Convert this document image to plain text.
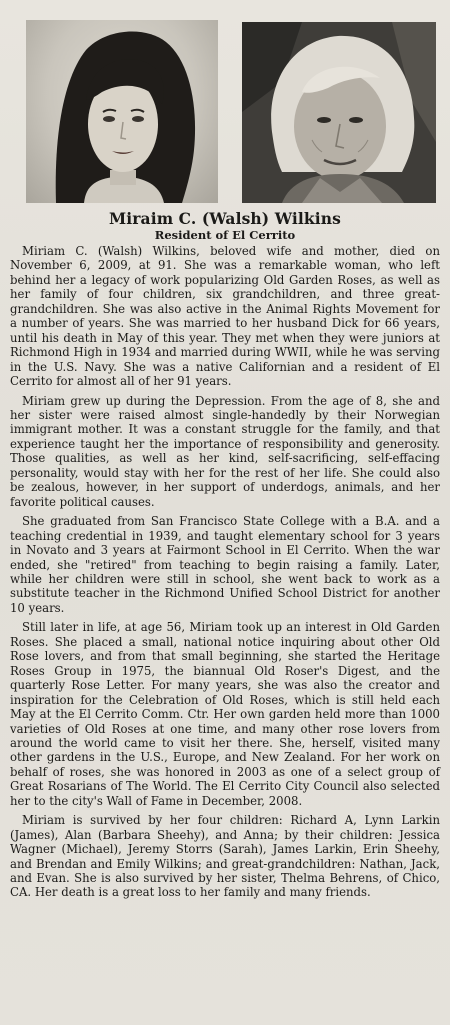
Miraim C. (Walsh) Wilkins
Resident of El Cerrito

Miriam C. (Walsh) Wilkins, beloved wife and mother, died on November 6, 2009, at 91. She was a remarkable woman, who left behind her a legacy of work popularizing Old Garden Roses, as well as her family of four children, six grandchildren, and three great-grandchildren. She was also active in the Animal Rights Movement for a number of years. She was married to her husband Dick for 66 years, until his death in May of this year. They met when they were juniors at Richmond High in 1934 and married during WWII, while he was serving in the U.S. Navy. She was a native Californian and a resident of El Cerrito for almost all of her 91 years.

Miriam grew up during the Depression. From the age of 8, she and her sister were raised almost single-handedly by their Norwegian immigrant mother. It was a constant struggle for the family, and that experience taught her the importance of responsibility and generosity. Those qualities, as well as her kind, self-sacrificing, self-effacing personality, would stay with her for the rest of her life. She could also be zealous, however, in her support of underdogs, animals, and her favorite political causes.

She graduated from San Francisco State College with a B.A. and a teaching credential in 1939, and taught elementary school for 3 years in Novato and 3 years at Fairmont School in El Cerrito. When the war ended, she "retired" from teaching to begin raising a family. Later, while her children were still in school, she went back to work as a substitute teacher in the Richmond Unified School District for another 10 years.

Still later in life, at age 56, Miriam took up an interest in Old Garden Roses. She placed a small, national notice inquiring about other Old Rose lovers, and from that small beginning, she started the Heritage Roses Group in 1975, the biannual Old Roser's Digest, and the quarterly Rose Letter. For many years, she was also the creator and inspiration for the Celebration of Old Roses, which is still held each May at the El Cerrito Comm. Ctr. Her own garden held more than 1000 varieties of Old Roses at one time, and many other rose lovers from around the world came to visit her there. She, herself, visited many other gardens in the U.S., Europe, and New Zealand. For her work on behalf of roses, she was honored in 2003 as one of a select group of Great Rosarians of The World. The El Cerrito City Council also selected her to the city's Wall of Fame in December, 2008.

Miriam is survived by her four children: Richard A, Lynn Larkin (James), Alan (Barbara Sheehy), and Anna; by their children: Jessica Wagner (Michael), Jeremy Storrs (Sarah), James Larkin, Erin Sheehy, and Brendan and Emily Wilkins; and great-grandchildren: Nathan, Jack, and Evan. She is also survived by her sister, Thelma Behrens, of Chico, CA. Her death is a great loss to her family and many friends.
